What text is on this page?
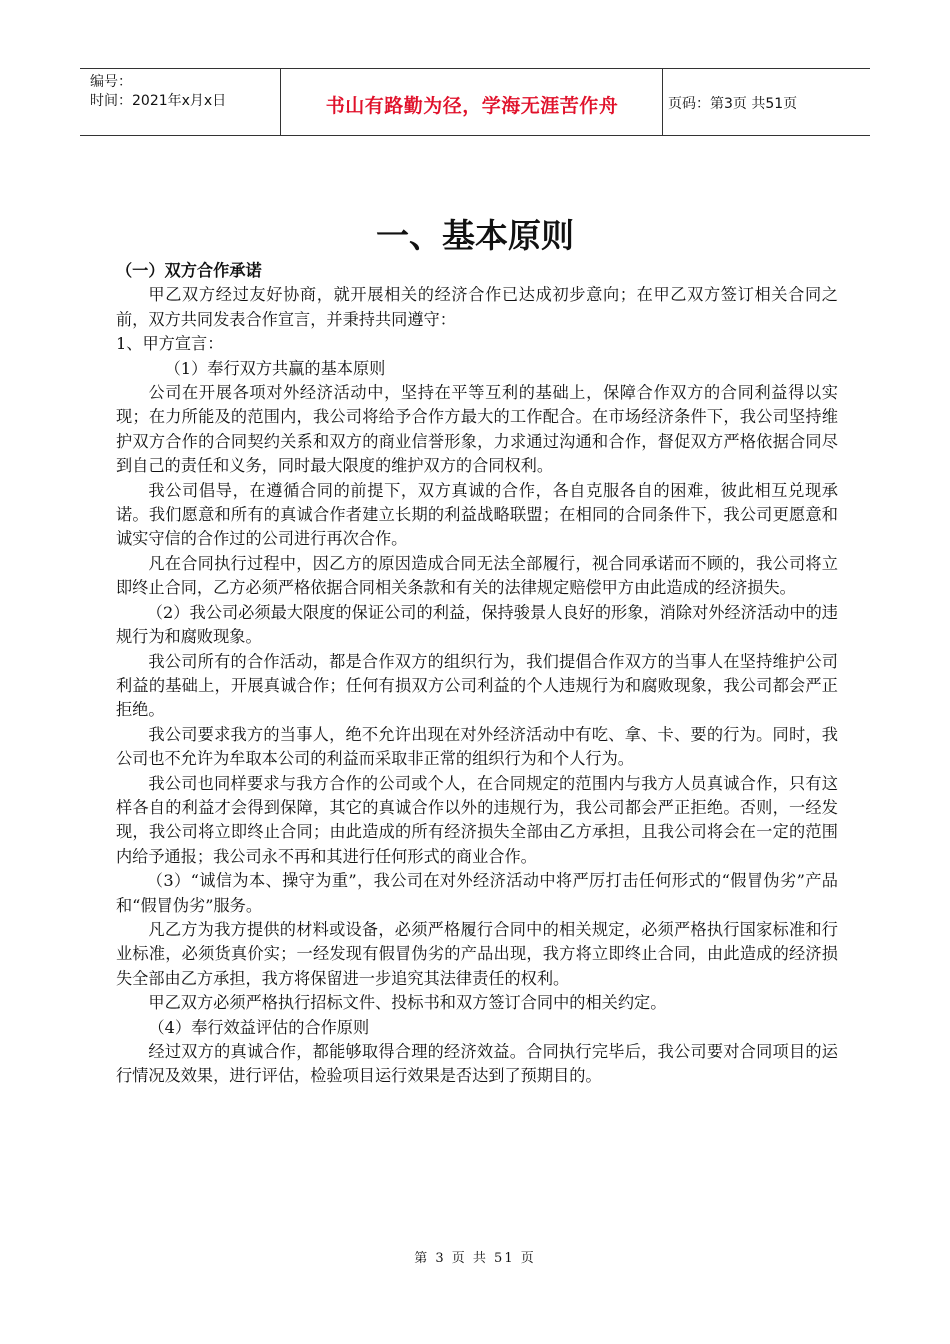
编号：
时间：2021年x月x日	书山有路勤为径，学海无涯苦作舟	页码：第3页 共51页
一、基本原则

（一）双方合作承诺

甲乙双方经过友好协商，就开展相关的经济合作已达成初步意向；在甲乙双方签订相关合同之前，双方共同发表合作宣言，并秉持共同遵守：

1、甲方宣言：

（1）奉行双方共赢的基本原则

公司在开展各项对外经济活动中，坚持在平等互利的基础上，保障合作双方的合同利益得以实现；在力所能及的范围内，我公司将给予合作方最大的工作配合。在市场经济条件下，我公司坚持维护双方合作的合同契约关系和双方的商业信誉形象，力求通过沟通和合作，督促双方严格依据合同尽到自己的责任和义务，同时最大限度的维护双方的合同权利。

我公司倡导，在遵循合同的前提下，双方真诚的合作，各自克服各自的困难，彼此相互兑现承诺。我们愿意和所有的真诚合作者建立长期的利益战略联盟；在相同的合同条件下，我公司更愿意和诚实守信的合作过的公司进行再次合作。

凡在合同执行过程中，因乙方的原因造成合同无法全部履行，视合同承诺而不顾的，我公司将立即终止合同，乙方必须严格依据合同相关条款和有关的法律规定赔偿甲方由此造成的经济损失。

（2）我公司必须最大限度的保证公司的利益，保持骏景人良好的形象，消除对外经济活动中的违规行为和腐败现象。

我公司所有的合作活动，都是合作双方的组织行为，我们提倡合作双方的当事人在坚持维护公司利益的基础上，开展真诚合作；任何有损双方公司利益的个人违规行为和腐败现象，我公司都会严正拒绝。

我公司要求我方的当事人，绝不允许出现在对外经济活动中有吃、拿、卡、要的行为。同时，我公司也不允许为牟取本公司的利益而采取非正常的组织行为和个人行为。

我公司也同样要求与我方合作的公司或个人，在合同规定的范围内与我方人员真诚合作，只有这样各自的利益才会得到保障，其它的真诚合作以外的违规行为，我公司都会严正拒绝。否则，一经发现，我公司将立即终止合同；由此造成的所有经济损失全部由乙方承担，且我公司将会在一定的范围内给予通报；我公司永不再和其进行任何形式的商业合作。

（3）“诚信为本、操守为重”，我公司在对外经济活动中将严厉打击任何形式的“假冒伪劣”产品和“假冒伪劣”服务。

凡乙方为我方提供的材料或设备，必须严格履行合同中的相关规定，必须严格执行国家标准和行业标准，必须货真价实；一经发现有假冒伪劣的产品出现，我方将立即终止合同，由此造成的经济损失全部由乙方承担，我方将保留进一步追究其法律责任的权利。

甲乙双方必须严格执行招标文件、投标书和双方签订合同中的相关约定。

（4）奉行效益评估的合作原则

经过双方的真诚合作，都能够取得合理的经济效益。合同执行完毕后，我公司要对合同项目的运行情况及效果，进行评估，检验项目运行效果是否达到了预期目的。

第 3 页 共 51 页
